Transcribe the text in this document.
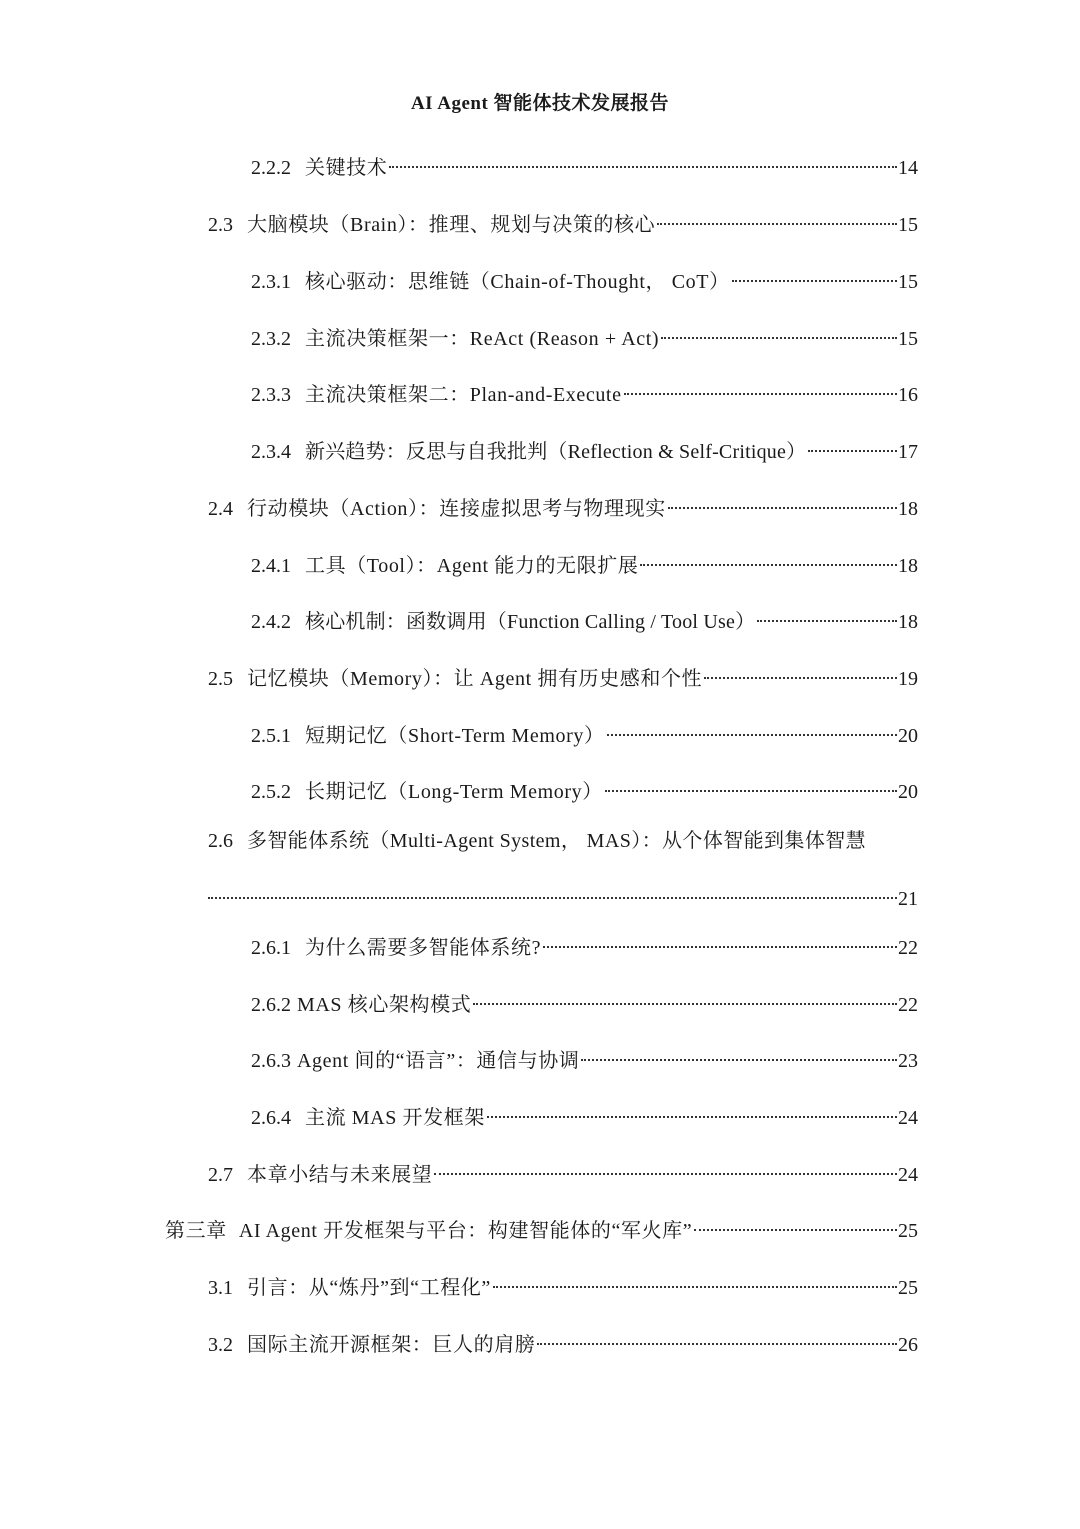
AI Agent 智能体技术发展报告
2.2.2 关键技术	14
2.3 大脑模块（Brain）：推理、规划与决策的核心	15
2.3.1 核心驱动：思维链（Chain-of-Thought， CoT）	15
2.3.2 主流决策框架一：ReAct (Reason + Act)	15
2.3.3 主流决策框架二：Plan-and-Execute	16
2.3.4 新兴趋势：反思与自我批判（Reflection & Self-Critique）	17
2.4 行动模块（Action）：连接虚拟思考与物理现实	18
2.4.1 工具（Tool）：Agent 能力的无限扩展	18
2.4.2 核心机制：函数调用（Function Calling / Tool Use）	18
2.5 记忆模块（Memory）：让 Agent 拥有历史感和个性	19
2.5.1 短期记忆（Short-Term Memory）	20
2.5.2 长期记忆（Long-Term Memory）	20
2.6 多智能体系统（Multi-Agent System， MAS）：从个体智能到集体智慧
21
2.6.1 为什么需要多智能体系统?	22
2.6.2 MAS 核心架构模式	22
2.6.3 Agent 间的“语言”：通信与协调	23
2.6.4 主流 MAS 开发框架	24
2.7 本章小结与未来展望	24
第三章 AI Agent 开发框架与平台：构建智能体的“军火库”	25
3.1 引言：从“炼丹”到“工程化”	25
3.2 国际主流开源框架：巨人的肩膀	26
